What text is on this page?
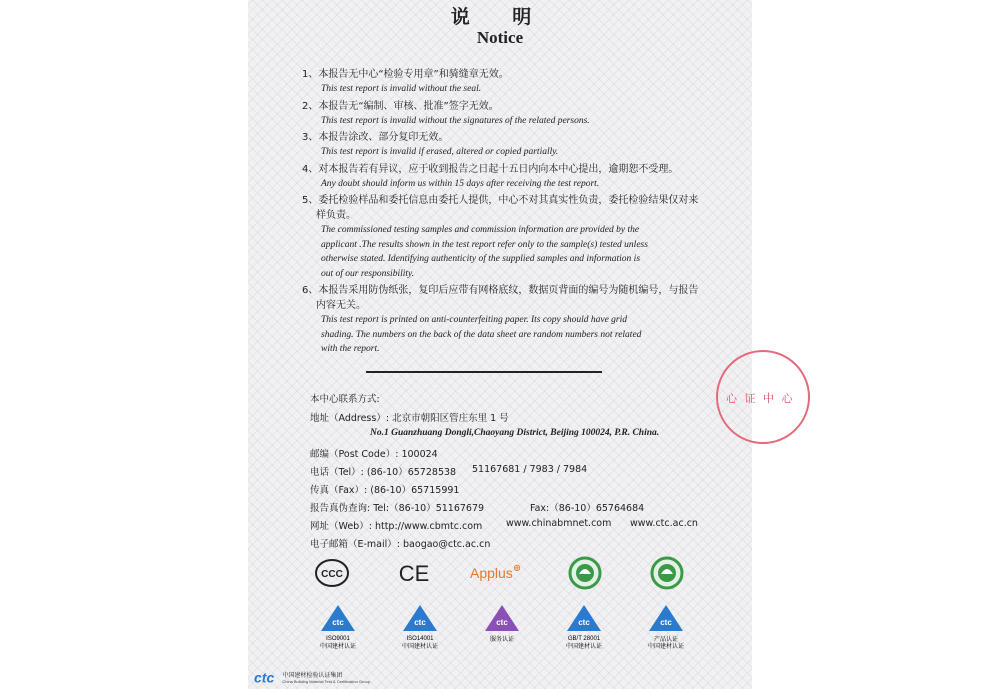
说 明
Notice
1、本报告无中心“检验专用章”和骑缝章无效。
This test report is invalid without the seal.
2、本报告无“编制、审核、批准”签字无效。
This test report is invalid without the signatures of the related persons.
3、本报告涂改、部分复印无效。
This test report is invalid if erased, altered or copied partially.
4、对本报告若有异议，应于收到报告之日起十五日内向本中心提出，逾期恕不受理。
Any doubt should inform us within 15 days after receiving the test report.
5、委托检验样品和委托信息由委托人提供，中心不对其真实性负责，委托检验结果仅对来样负责。
The commissioned testing samples and commission information are provided by the
applicant .The results shown in the test report refer only to the sample(s) tested unless
otherwise stated. Identifying authenticity of the supplied samples and information is
out of our responsibility.
6、本报告采用防伪纸张，复印后应带有网格底纹，数据页背面的编号为随机编号，与报告内容无关。
This test report is printed on anti-counterfeiting paper. Its copy should have grid
shading. The numbers on the back of the data sheet are random numbers not related
with the report.
本中心联系方式:
地址（Address）: 北京市朝阳区管庄东里 1 号
No.1 Guanzhuang Dongli,Chaoyang District, Beijing 100024, P.R. China.
邮编（Post Code）: 100024
电话（Tel）: (86-10）65728538 51167681 / 7983 / 7984
传真（Fax）: (86-10）65715991
报告真伪查询: Tel:（86-10）51167679	Fax:（86-10）65764684
网址（Web）: http://www.cbmtc.com www.chinabmnet.com www.ctc.ac.cn
电子邮箱（E-mail）: baogao@ctc.ac.cn
CCC	CE	Applus⊕
ctc
ISO9001
中国建材认证
ctc
ISO14001
中国建材认证
ctc
服务认证
ctc
GB/T 28001
中国建材认证
ctc
产品认证
中国建材认证
心 证 中 心
ctc 中国建材检验认证集团
China Building Material Test & Certification Group
